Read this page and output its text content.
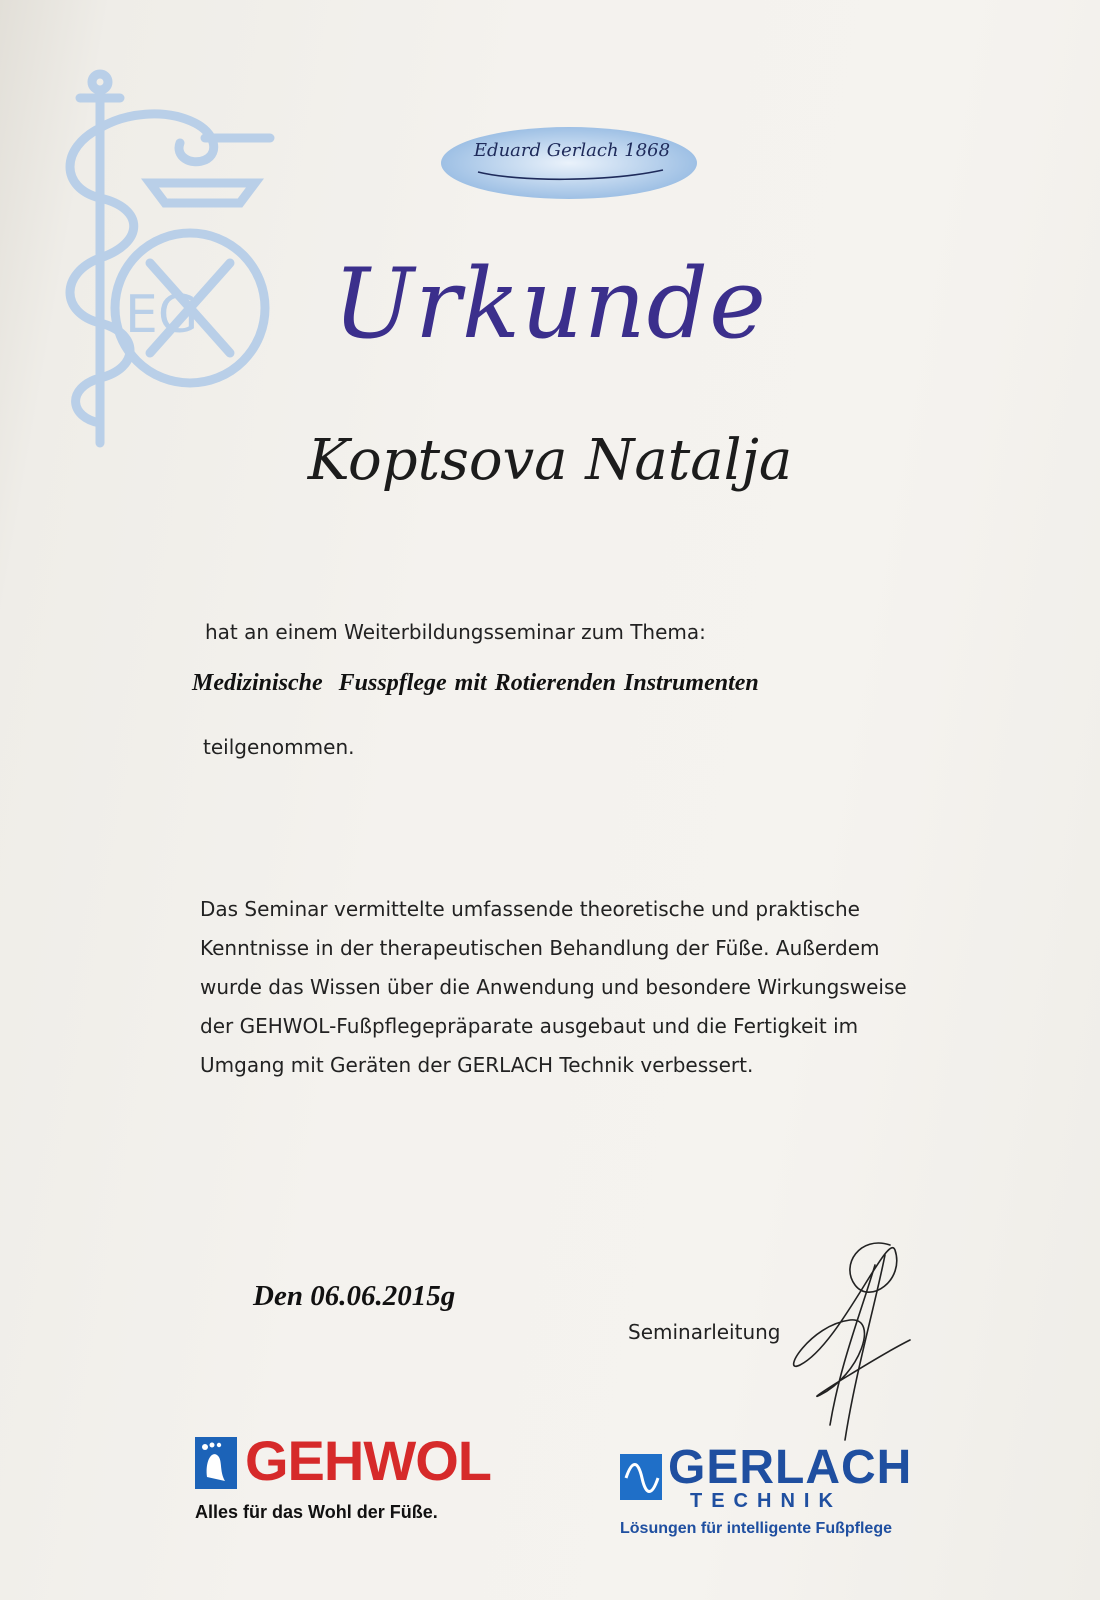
EG
Eduard Gerlach 1868
Urkunde
Koptsova Natalja
hat an einem Weiterbildungsseminar zum Thema:
Medizinische  Fusspflege mit Rotierenden Instrumenten
teilgenommen.
Das Seminar vermittelte umfassende theoretische und praktische
Kenntnisse in der therapeutischen Behandlung der Füße. Außerdem
wurde das Wissen über die Anwendung und besondere Wirkungsweise
der GEHWOL-Fußpflegepräparate ausgebaut und die Fertigkeit im
Umgang mit Geräten der GERLACH Technik verbessert.
Den 06.06.2015g
Seminarleitung
GEHWOL
Alles für das Wohl der Füße.
GERLACH
TECHNIK
Lösungen für intelligente Fußpflege
